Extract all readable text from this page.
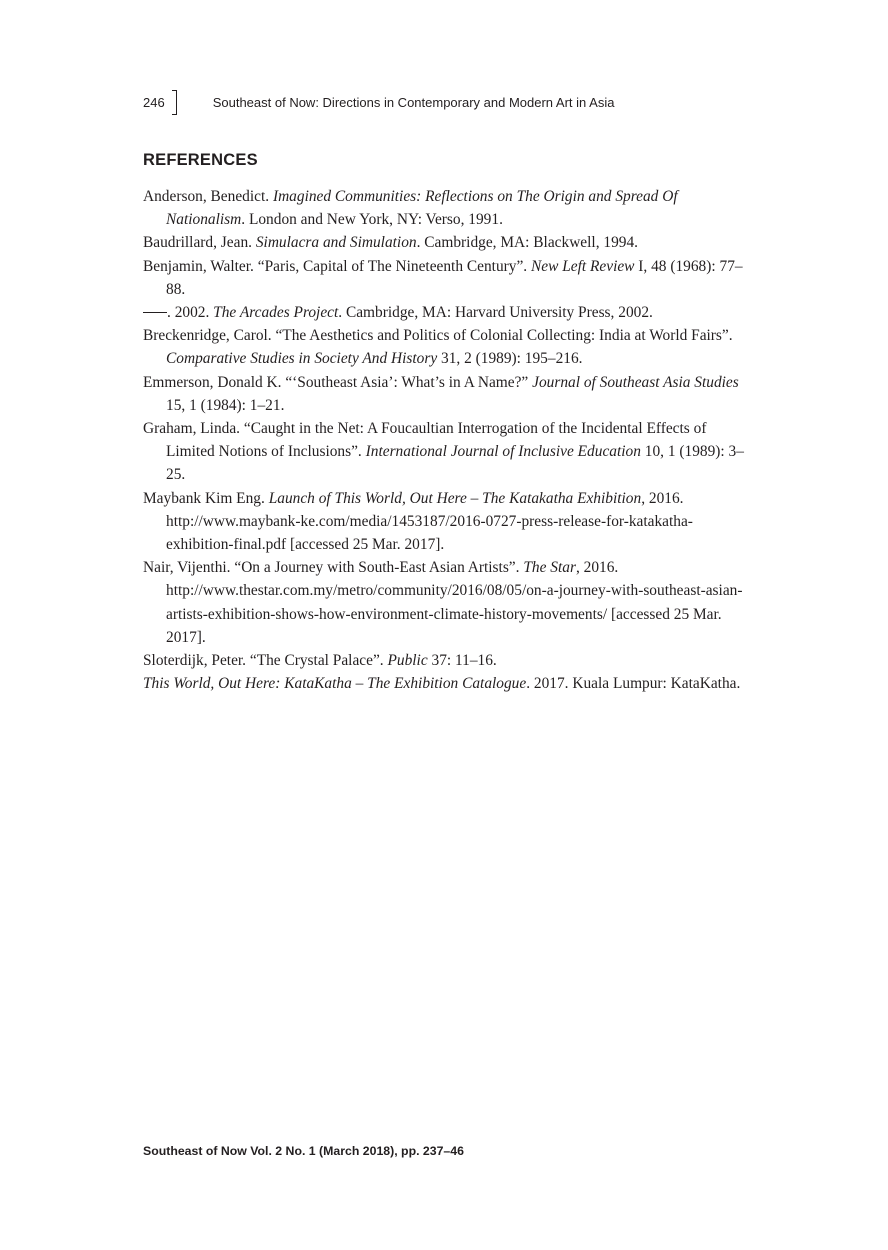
246	Southeast of Now: Directions in Contemporary and Modern Art in Asia
REFERENCES
Anderson, Benedict. Imagined Communities: Reflections on The Origin and Spread Of Nationalism. London and New York, NY: Verso, 1991.
Baudrillard, Jean. Simulacra and Simulation. Cambridge, MA: Blackwell, 1994.
Benjamin, Walter. “Paris, Capital of The Nineteenth Century”. New Left Review I, 48 (1968): 77–88.
. 2002. The Arcades Project. Cambridge, MA: Harvard University Press, 2002.
Breckenridge, Carol. “The Aesthetics and Politics of Colonial Collecting: India at World Fairs”. Comparative Studies in Society And History 31, 2 (1989): 195–216.
Emmerson, Donald K. “‘Southeast Asia’: What’s in A Name?” Journal of Southeast Asia Studies 15, 1 (1984): 1–21.
Graham, Linda. “Caught in the Net: A Foucaultian Interrogation of the Incidental Effects of Limited Notions of Inclusions”. International Journal of Inclusive Education 10, 1 (1989): 3–25.
Maybank Kim Eng. Launch of This World, Out Here – The Katakatha Exhibition, 2016. http://www.maybank-ke.com/media/1453187/2016-0727-press-release-for-katakatha-exhibition-final.pdf [accessed 25 Mar. 2017].
Nair, Vijenthi. “On a Journey with South-East Asian Artists”. The Star, 2016. http://www.thestar.com.my/metro/community/2016/08/05/on-a-journey-with-southeast-asian-artists-exhibition-shows-how-environment-climate-history-movements/ [accessed 25 Mar. 2017].
Sloterdijk, Peter. “The Crystal Palace”. Public 37: 11–16.
This World, Out Here: KataKatha – The Exhibition Catalogue. 2017. Kuala Lumpur: KataKatha.
Southeast of Now Vol. 2 No. 1 (March 2018), pp. 237–46
